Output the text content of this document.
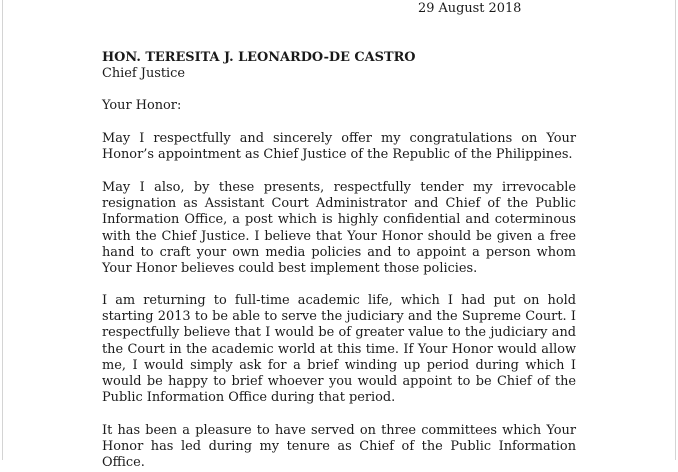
29 August 2018
HON. TERESITA J. LEONARDO-DE CASTRO
Chief Justice
Your Honor:

May I respectfully and sincerely offer my congratulations on Your Honor’s appointment as Chief Justice of the Republic of the Philippines.

May I also, by these presents, respectfully tender my irrevocable resignation as Assistant Court Administrator and Chief of the Public Information Office, a post which is highly confidential and coterminous with the Chief Justice. I believe that Your Honor should be given a free hand to craft your own media policies and to appoint a person whom Your Honor believes could best implement those policies.

I am returning to full-time academic life, which I had put on hold starting 2013 to be able to serve the judiciary and the Supreme Court. I respectfully believe that I would be of greater value to the judiciary and the Court in the academic world at this time. If Your Honor would allow me, I would simply ask for a brief winding up period during which I would be happy to brief whoever you would appoint to be Chief of the Public Information Office during that period.

It has been a pleasure to have served on three committees which Your Honor has led during my tenure as Chief of the Public Information Office.
